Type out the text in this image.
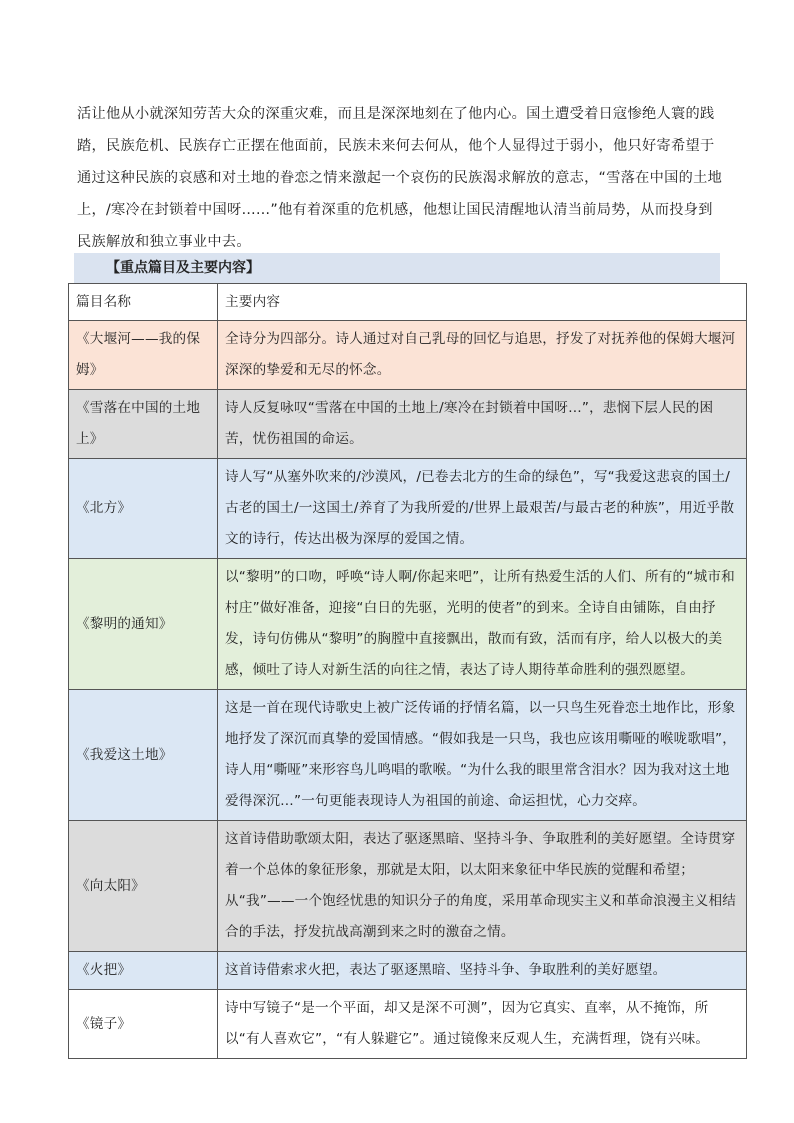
活让他从小就深知劳苦大众的深重灾难，而且是深深地刻在了他内心。国土遭受着日寇惨绝人寰的践踏，民族危机、民族存亡正摆在他面前，民族未来何去何从，他个人显得过于弱小，他只好寄希望于通过这种民族的哀感和对土地的眷恋之情来激起一个哀伤的民族渴求解放的意志，“雪落在中国的土地上，/寒冷在封锁着中国呀……”他有着深重的危机感，他想让国民清醒地认清当前局势，从而投身到民族解放和独立事业中去。

【重点篇目及主要内容】
篇目名称	主要内容
《大堰河——我的保姆》	全诗分为四部分。诗人通过对自己乳母的回忆与追思，抒发了对抚养他的保姆大堰河深深的挚爱和无尽的怀念。
《雪落在中国的土地上》	诗人反复咏叹“雪落在中国的土地上/寒冷在封锁着中国呀…”，悲悯下层人民的困苦，忧伤祖国的命运。
《北方》	诗人写“从塞外吹来的/沙漠风，/已卷去北方的生命的绿色”，写“我爱这悲哀的国土/古老的国土/一这国土/养育了为我所爱的/世界上最艰苦/与最古老的种族”，用近乎散文的诗行，传达出极为深厚的爱国之情。
《黎明的通知》	以“黎明”的口吻，呼唤“诗人啊/你起来吧”，让所有热爱生活的人们、所有的“城市和村庄”做好准备，迎接“白日的先驱，光明的使者”的到来。全诗自由铺陈，自由抒发，诗句仿佛从“黎明”的胸膛中直接飘出，散而有致，活而有序，给人以极大的美感，倾吐了诗人对新生活的向往之情，表达了诗人期待革命胜利的强烈愿望。
《我爱这土地》	这是一首在现代诗歌史上被广泛传诵的抒情名篇，以一只鸟生死眷恋土地作比，形象地抒发了深沉而真挚的爱国情感。“假如我是一只鸟，我也应该用嘶哑的喉咙歌唱”，诗人用“嘶哑”来形容鸟儿鸣唱的歌喉。“为什么我的眼里常含泪水？因为我对这土地爱得深沉…”一句更能表现诗人为祖国的前途、命运担忧，心力交瘁。
《向太阳》	这首诗借助歌颂太阳，表达了驱逐黑暗、坚持斗争、争取胜利的美好愿望。全诗贯穿着一个总体的象征形象，那就是太阳，以太阳来象征中华民族的觉醒和希望；从“我”——一个饱经忧患的知识分子的角度，采用革命现实主义和革命浪漫主义相结合的手法，抒发抗战高潮到来之时的激奋之情。
《火把》	这首诗借索求火把，表达了驱逐黑暗、坚持斗争、争取胜利的美好愿望。
《镜子》	诗中写镜子“是一个平面，却又是深不可测”，因为它真实、直率，从不掩饰，所以“有人喜欢它”，“有人躲避它”。通过镜像来反观人生，充满哲理，饶有兴味。
